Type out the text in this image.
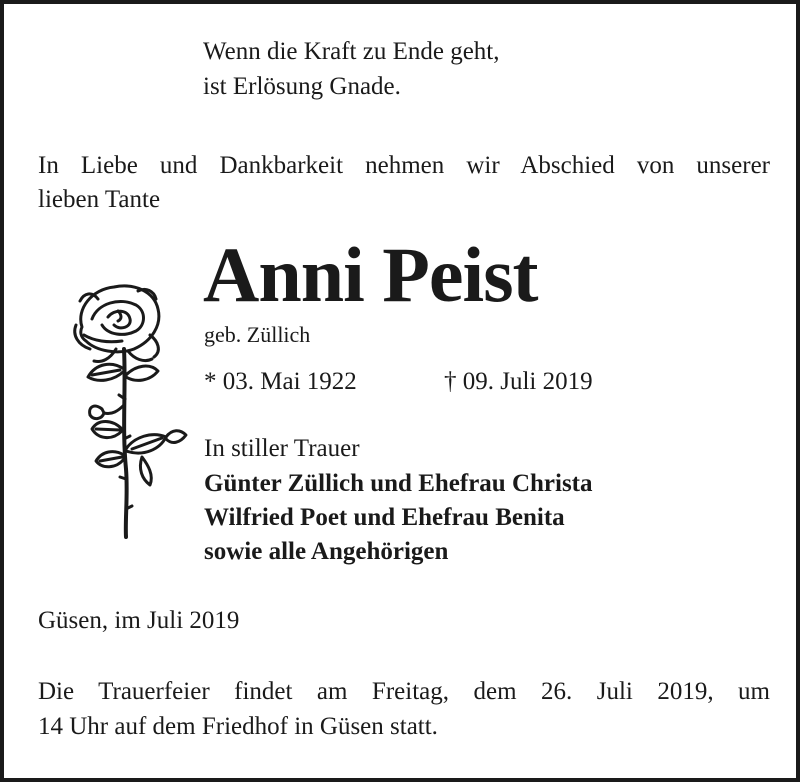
Wenn die Kraft zu Ende geht,
ist Erlösung Gnade.
In Liebe und Dankbarkeit nehmen wir Abschied von unserer
lieben Tante
Anni Peist
geb. Züllich
* 03. Mai 1922	† 09. Juli 2019
In stiller Trauer
Günter Züllich und Ehefrau Christa
Wilfried Poet und Ehefrau Benita
sowie alle Angehörigen
Güsen, im Juli 2019
Die Trauerfeier findet am Freitag, dem 26. Juli 2019, um
14 Uhr auf dem Friedhof in Güsen statt.
